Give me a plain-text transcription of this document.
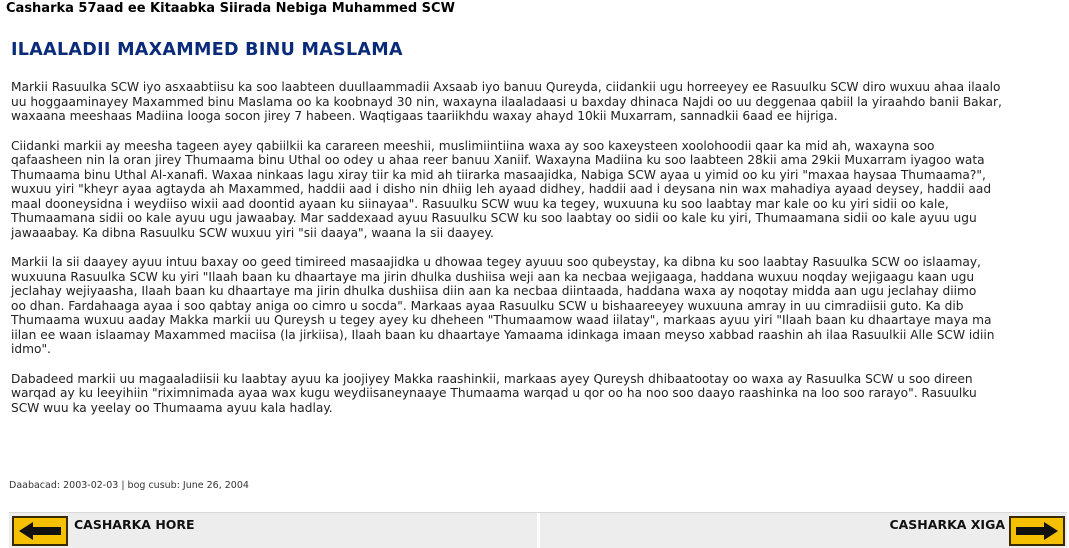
Casharka 57aad ee Kitaabka Siirada Nebiga Muhammed SCW
ILAALADII MAXAMMED BINU MASLAMA

Markii Rasuulka SCW iyo asxaabtiisu ka soo laabteen duullaammadii Axsaab iyo banuu Qureyda, ciidankii ugu horreeyey ee Rasuulku SCW diro wuxuu ahaa ilaalo
uu hoggaaminayey Maxammed binu Maslama oo ka koobnayd 30 nin, waxayna ilaaladaasi u baxday dhinaca Najdi oo uu deggenaa qabiil la yiraahdo banii Bakar,
waxaana meeshaas Madiina looga socon jirey 7 habeen. Waqtigaas taariikhdu waxay ahayd 10kii Muxarram, sannadkii 6aad ee hijriga.

Ciidanki markii ay meesha tageen ayey qabiilkii ka carareen meeshii, muslimiintiina waxa ay soo kaxeysteen xoolohoodii qaar ka mid ah, waxayna soo
qafaasheen nin la oran jirey Thumaama binu Uthal oo odey u ahaa reer banuu Xaniif. Waxayna Madiina ku soo laabteen 28kii ama 29kii Muxarram iyagoo wata
Thumaama binu Uthal Al-xanafi. Waxaa ninkaas lagu xiray tiir ka mid ah tiirarka masaajidka, Nabiga SCW ayaa u yimid oo ku yiri "maxaa haysaa Thumaama?",
wuxuu yiri "kheyr ayaa agtayda ah Maxammed, haddii aad i disho nin dhiig leh ayaad didhey, haddii aad i deysana nin wax mahadiya ayaad deysey, haddii aad
maal dooneysidna i weydiiso wixii aad doontid ayaan ku siinayaa". Rasuulku SCW wuu ka tegey, wuxuuna ku soo laabtay mar kale oo ku yiri sidii oo kale,
Thumaamana sidii oo kale ayuu ugu jawaabay. Mar saddexaad ayuu Rasuulku SCW ku soo laabtay oo sidii oo kale ku yiri, Thumaamana sidii oo kale ayuu ugu
jawaaabay. Ka dibna Rasuulku SCW wuxuu yiri "sii daaya", waana la sii daayey.

Markii la sii daayey ayuu intuu baxay oo geed timireed masaajidka u dhowaa tegey ayuuu soo qubeystay, ka dibna ku soo laabtay Rasuulka SCW oo islaamay,
wuxuuna Rasuulka SCW ku yiri "Ilaah baan ku dhaartaye ma jirin dhulka dushiisa weji aan ka necbaa wejigaaga, haddana wuxuu noqday wejigaagu kaan ugu
jeclahay wejiyaasha, Ilaah baan ku dhaartaye ma jirin dhulka dushiisa diin aan ka necbaa diintaada, haddana waxa ay noqotay midda aan ugu jeclahay diimo
oo dhan. Fardahaaga ayaa i soo qabtay aniga oo cimro u socda". Markaas ayaa Rasuulku SCW u bishaareeyey wuxuuna amray in uu cimradiisii guto. Ka dib
Thumaama wuxuu aaday Makka markii uu Qureysh u tegey ayey ku dheheen "Thumaamow waad iilatay", markaas ayuu yiri "Ilaah baan ku dhaartaye maya ma
iilan ee waan islaamay Maxammed maciisa (la jirkiisa), Ilaah baan ku dhaartaye Yamaama idinkaga imaan meyso xabbad raashin ah ilaa Rasuulkii Alle SCW idiin
idmo".

Dabadeed markii uu magaaladiisii ku laabtay ayuu ka joojiyey Makka raashinkii, markaas ayey Qureysh dhibaatootay oo waxa ay Rasuulka SCW u soo direen
warqad ay ku leeyihiin "riximnimada ayaa wax kugu weydiisaneynaaye Thumaama warqad u qor oo ha noo soo daayo raashinka na loo soo rarayo". Rasuulku
SCW wuu ka yeelay oo Thumaama ayuu kala hadlay.

Daabacad: 2003-02-03 | bog cusub: June 26, 2004
CASHARKA HORE	CASHARKA XIGA
